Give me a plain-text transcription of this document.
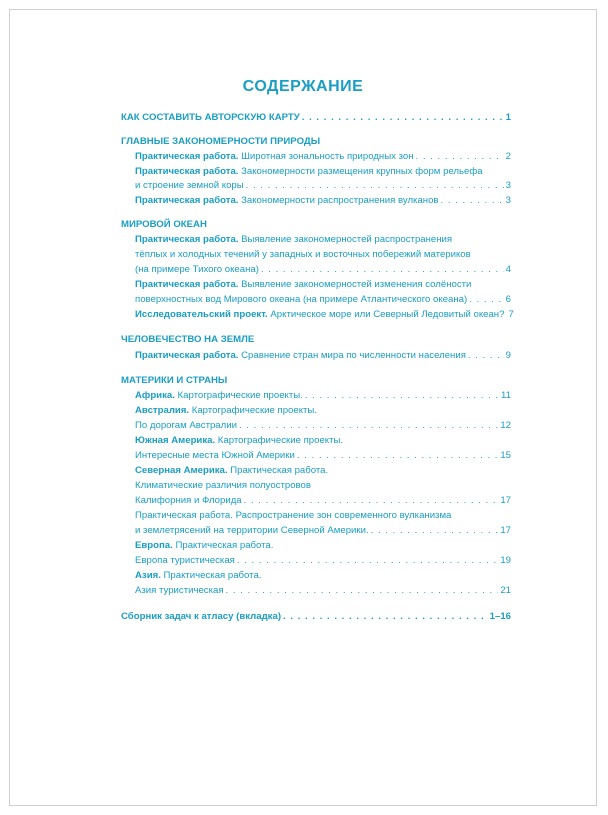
СОДЕРЖАНИЕ
КАК СОСТАВИТЬ АВТОРСКУЮ КАРТУ . . .	1
ГЛАВНЫЕ ЗАКОНОМЕРНОСТИ ПРИРОДЫ
Практическая работа. Широтная зональность природных зон . . .	2
Практическая работа. Закономерности размещения крупных форм рельефа
и строение земной коры . . .	3
Практическая работа. Закономерности распространения вулканов . . .	3
МИРОВОЙ ОКЕАН
Практическая работа. Выявление закономерностей распространения
тёплых и холодных течений у западных и восточных побережий материков
(на примере Тихого океана) . . .	4
Практическая работа. Выявление закономерностей изменения солёности
поверхностных вод Мирового океана (на примере Атлантического океана) . . .	6
Исследовательский проект. Арктическое море или Северный Ледовитый океан? 7
ЧЕЛОВЕЧЕСТВО НА ЗЕМЛЕ
Практическая работа. Сравнение стран мира по численности населения . . .	9
МАТЕРИКИ И СТРАНЫ
Африка. Картографические проекты. . . .	11
Австралия. Картографические проекты.
По дорогам Австралии . . .	12
Южная Америка. Картографические проекты.
Интересные места Южной Америки . . .	15
Северная Америка. Практическая работа.
Климатические различия полуостровов
Калифорния и Флорида . . .	17
Практическая работа. Распространение зон современного вулканизма
и землетрясений на территории Северной Америки. . . .	17
Европа. Практическая работа.
Европа туристическая . . .	19
Азия. Практическая работа.
Азия туристическая . . .	21
Сборник задач к атласу (вкладка) . . .	1–16
